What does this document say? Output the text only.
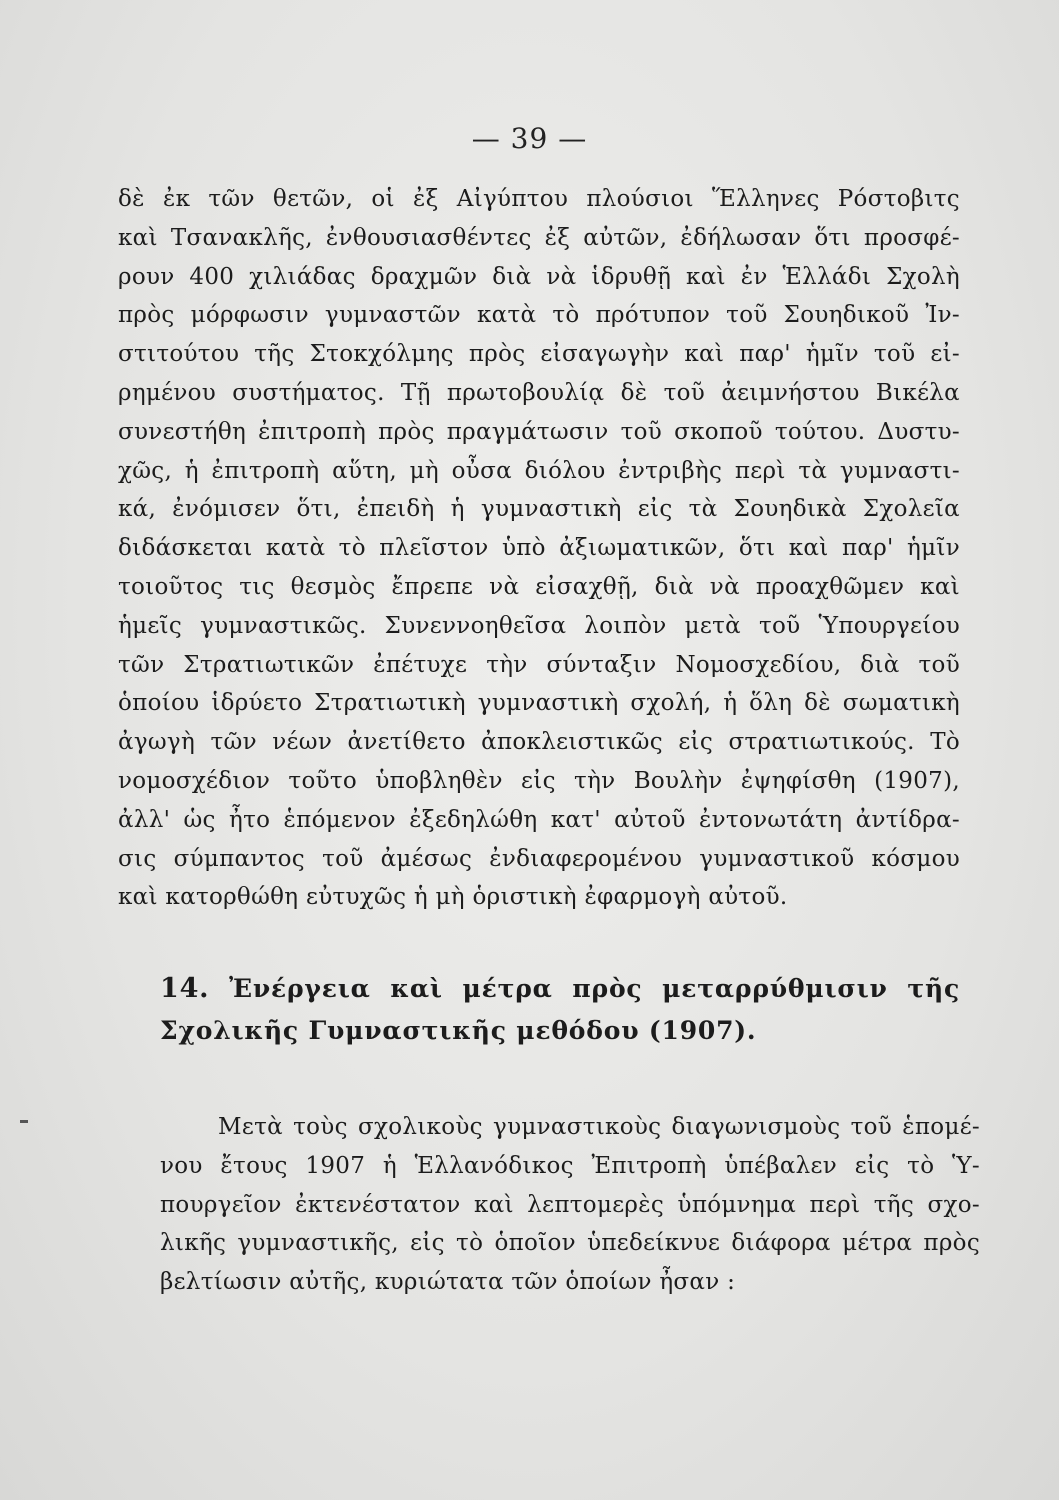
— 39 —
δὲ ἐκ τῶν θετῶν, οἱ ἐξ Αἰγύπτου πλούσιοι Ἕλληνες Ρόστοβιτς
καὶ Τσανακλῆς, ἐνθουσιασθέντες ἐξ αὐτῶν, ἐδήλωσαν ὅτι προσφέ-
ρουν 400 χιλιάδας δραχμῶν διὰ νὰ ἱδρυθῇ καὶ ἐν Ἑλλάδι Σχολὴ
πρὸς μόρφωσιν γυμναστῶν κατὰ τὸ πρότυπον τοῦ Σουηδικοῦ Ἰν-
στιτούτου τῆς Στοκχόλμης πρὸς εἰσαγωγὴν καὶ παρ' ἡμῖν τοῦ εἰ-
ρημένου συστήματος. Τῇ πρωτοβουλίᾳ δὲ τοῦ ἀειμνήστου Βικέλα
συνεστήθη ἐπιτροπὴ πρὸς πραγμάτωσιν τοῦ σκοποῦ τούτου. Δυστυ-
χῶς, ἡ ἐπιτροπὴ αὕτη, μὴ οὖσα διόλου ἐντριβὴς περὶ τὰ γυμναστι-
κά, ἐνόμισεν ὅτι, ἐπειδὴ ἡ γυμναστικὴ εἰς τὰ Σουηδικὰ Σχολεῖα
διδάσκεται κατὰ τὸ πλεῖστον ὑπὸ ἀξιωματικῶν, ὅτι καὶ παρ' ἡμῖν
τοιοῦτος τις θεσμὸς ἔπρεπε νὰ εἰσαχθῇ, διὰ νὰ προαχθῶμεν καὶ
ἡμεῖς γυμναστικῶς. Συνεννοηθεῖσα λοιπὸν μετὰ τοῦ Ὑπουργείου
τῶν Στρατιωτικῶν ἐπέτυχε τὴν σύνταξιν Νομοσχεδίου, διὰ τοῦ
ὁποίου ἱδρύετο Στρατιωτικὴ γυμναστικὴ σχολή, ἡ ὅλη δὲ σωματικὴ
ἀγωγὴ τῶν νέων ἀνετίθετο ἀποκλειστικῶς εἰς στρατιωτικούς. Τὸ
νομοσχέδιον τοῦτο ὑποβληθὲν εἰς τὴν Βουλὴν ἐψηφίσθη (1907),
ἀλλ' ὡς ἦτο ἑπόμενον ἐξεδηλώθη κατ' αὐτοῦ ἐντονωτάτη ἀντίδρα-
σις σύμπαντος τοῦ ἀμέσως ἐνδιαφερομένου γυμναστικοῦ κόσμου
καὶ κατορθώθη εὐτυχῶς ἡ μὴ ὁριστικὴ ἐφαρμογὴ αὐτοῦ.
14. Ἐνέργεια καὶ μέτρα πρὸς μεταρρύθμισιν τῆς
Σχολικῆς Γυμναστικῆς μεθόδου (1907).
Μετὰ τοὺς σχολικοὺς γυμναστικοὺς διαγωνισμοὺς τοῦ ἑπομέ-
νου ἔτους 1907 ἡ Ἑλλανόδικος Ἐπιτροπὴ ὑπέβαλεν εἰς τὸ Ὑ-
πουργεῖον ἐκτενέστατον καὶ λεπτομερὲς ὑπόμνημα περὶ τῆς σχο-
λικῆς γυμναστικῆς, εἰς τὸ ὁποῖον ὑπεδείκνυε διάφορα μέτρα πρὸς
βελτίωσιν αὐτῆς, κυριώτατα τῶν ὁποίων ἦσαν :
